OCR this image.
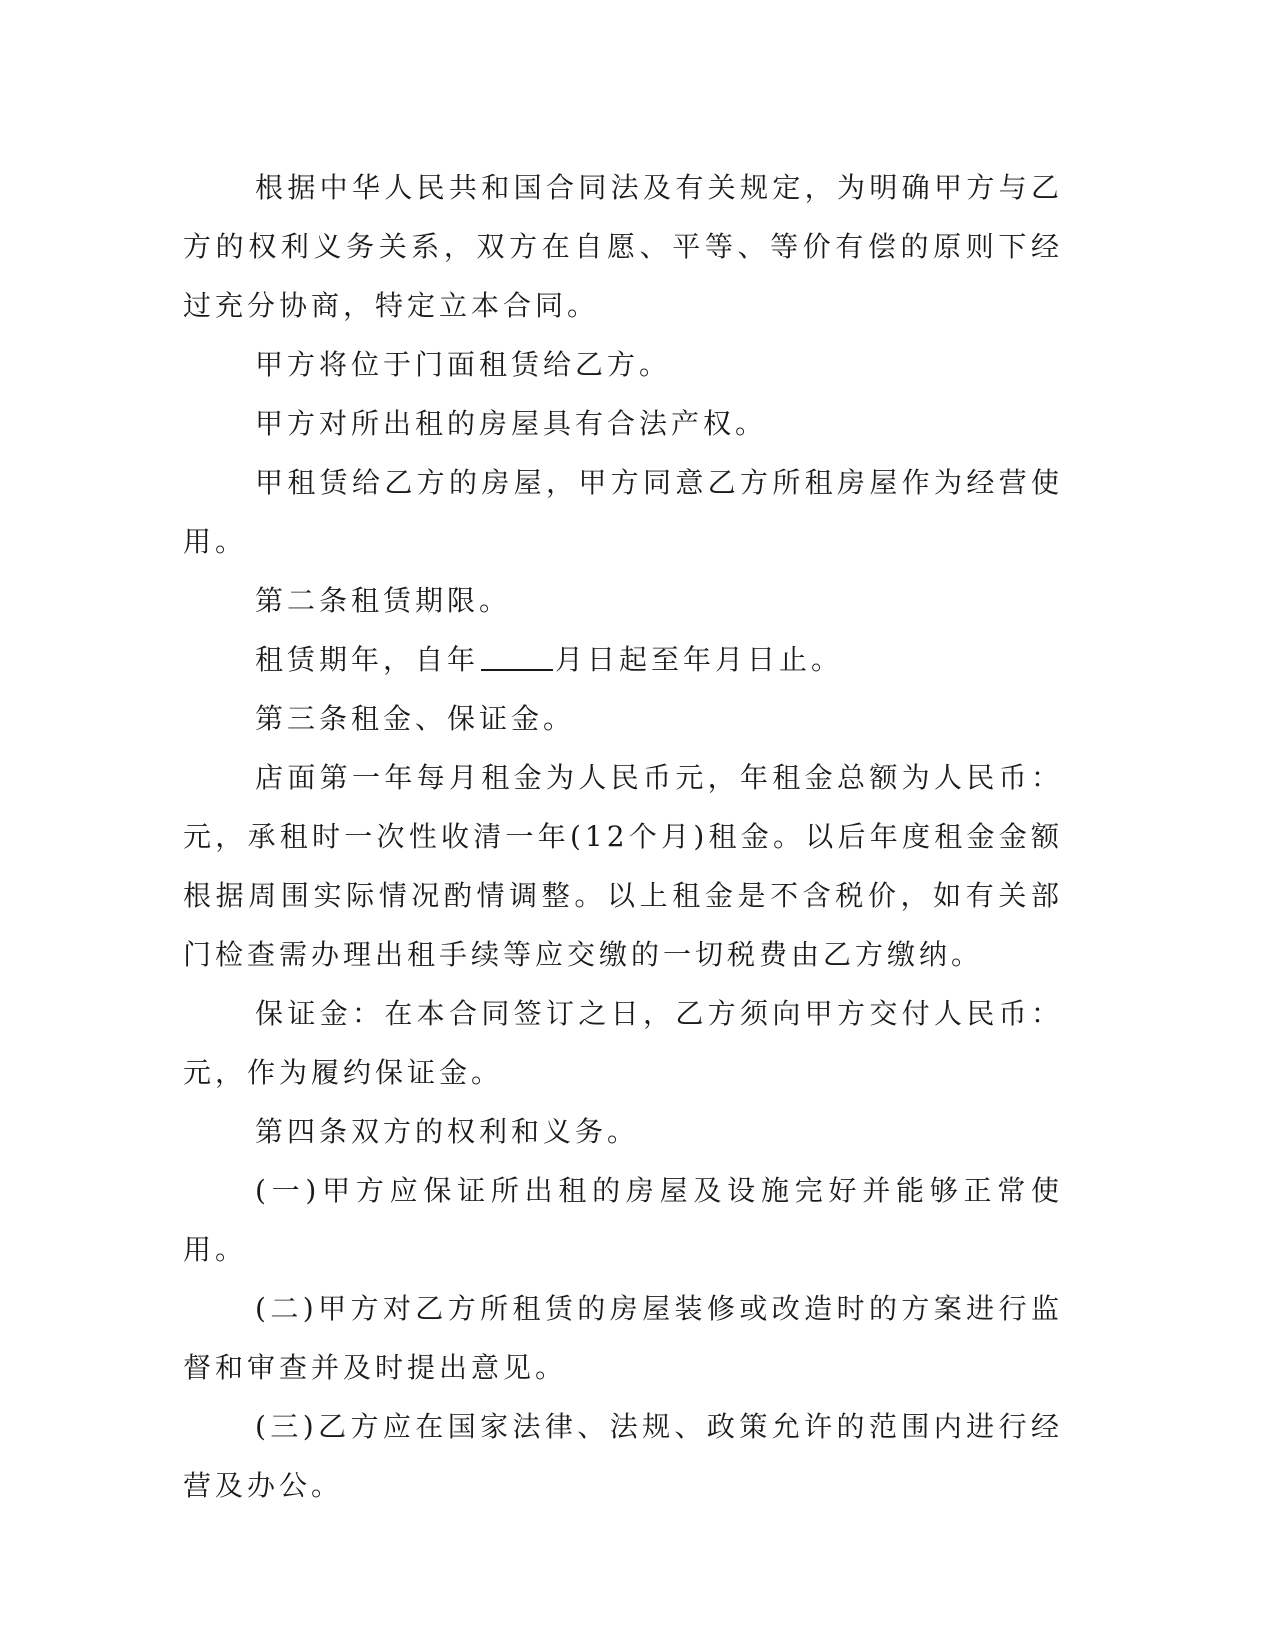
根据中华人民共和国合同法及有关规定，为明确甲方与乙方的权利义务关系，双方在自愿、平等、等价有偿的原则下经过充分协商，特定立本合同。

甲方将位于门面租赁给乙方。

甲方对所出租的房屋具有合法产权。

甲租赁给乙方的房屋，甲方同意乙方所租房屋作为经营使用。

第二条租赁期限。

租赁期年，自年	月日起至年月日止。

第三条租金、保证金。

店面第一年每月租金为人民币元，年租金总额为人民币：元，承租时一次性收清一年(12个月)租金。以后年度租金金额根据周围实际情况酌情调整。以上租金是不含税价，如有关部门检查需办理出租手续等应交缴的一切税费由乙方缴纳。

保证金：在本合同签订之日，乙方须向甲方交付人民币：元，作为履约保证金。

第四条双方的权利和义务。

(一)甲方应保证所出租的房屋及设施完好并能够正常使用。

(二)甲方对乙方所租赁的房屋装修或改造时的方案进行监督和审查并及时提出意见。

(三)乙方应在国家法律、法规、政策允许的范围内进行经营及办公。
